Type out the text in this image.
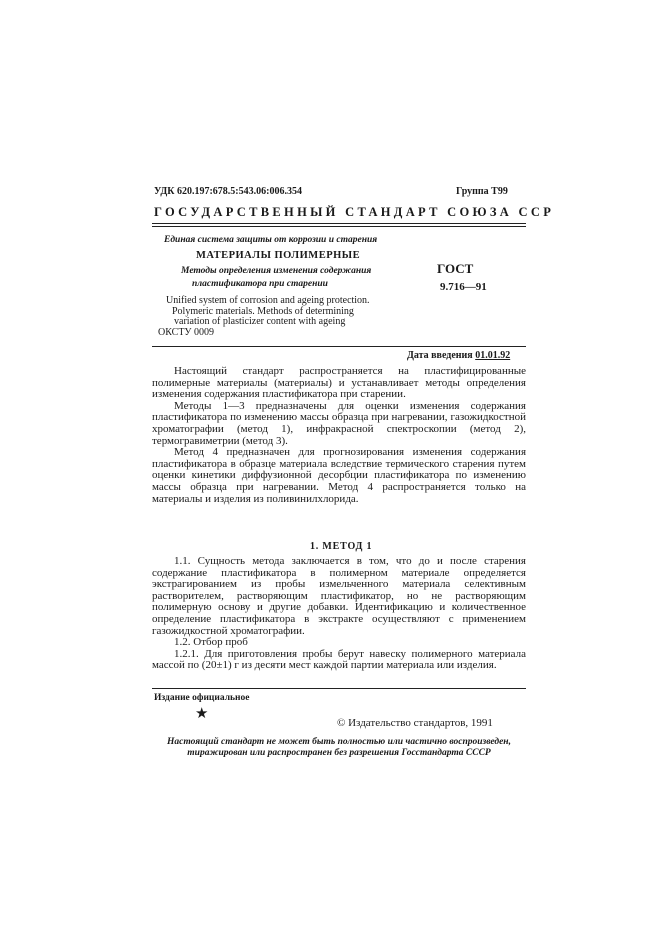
УДК 620.197:678.5:543.06:006.354	Группа Т99
ГОСУДАРСТВЕННЫЙ СТАНДАРТ СОЮЗА ССР
Единая система защиты от коррозии и старения
МАТЕРИАЛЫ ПОЛИМЕРНЫЕ
Методы определения изменения содержания
пластификатора при старении
ГОСТ
9.716—91
Unified system of corrosion and ageing protection.
Polymeric materials. Methods of determining
variation of plasticizer content with ageing
ОКСТУ 0009
Дата введения 01.01.92

Настоящий стандарт распространяется на пластифицированные полимерные материалы (материалы) и устанавливает методы определения изменения содержания пластификатора при старении.

Методы 1—3 предназначены для оценки изменения содержания пластификатора по изменению массы образца при нагревании, газожидкостной хроматографии (метод 1), инфракрасной спектроскопии (метод 2), термогравиметрии (метод 3).

Метод 4 предназначен для прогнозирования изменения содержания пластификатора в образце материала вследствие термического старения путем оценки кинетики диффузионной десорбции пластификатора по изменению массы образца при нагревании. Метод 4 распространяется только на материалы и изделия из поливинилхлорида.

1. МЕТОД 1

1.1. Сущность метода заключается в том, что до и после старения содержание пластификатора в полимерном материале определяется экстрагированием из пробы измельченного материала селективным растворителем, растворяющим пластификатор, но не растворяющим полимерную основу и другие добавки. Идентификацию и количественное определение пластификатора в экстракте осуществляют с применением газожидкостной хроматографии.

1.2. Отбор проб

1.2.1. Для приготовления пробы берут навеску полимерного материала массой по (20±1) г из десяти мест каждой партии материала или изделия.

Издание официальное
★
© Издательство стандартов, 1991
Настоящий стандарт не может быть полностью или частично воспроизведен,
тиражирован или распространен без разрешения Госстандарта СССР
